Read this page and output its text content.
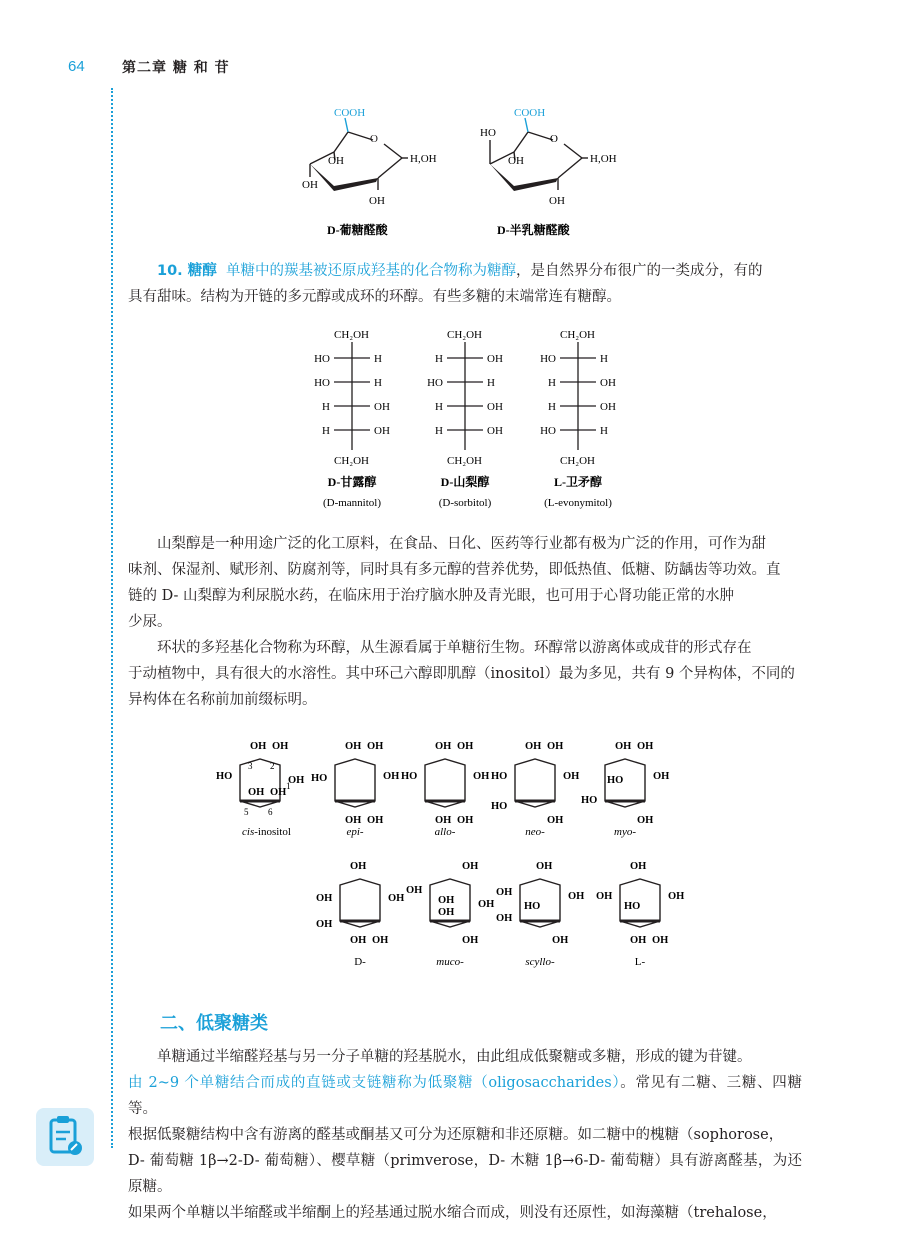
64	第二章 糖 和 苷
COOH
O
OH
OH
OH
H,OH
D-葡糖醛酸
COOH
O
HO
OH
OH
H,OH
D-半乳糖醛酸

10. 糖醇 单糖中的羰基被还原成羟基的化合物称为糖醇，是自然界分布很广的一类成分，有的

具有甜味。结构为开链的多元醇或成环的环醇。有些多糖的末端常连有糖醇。

CH₂OH
HO	H
HO	H
H	OH
H	OH
CH₂OH
D-甘露醇
(D-mannitol)
CH₂OH
H	OH
HO	H
H	OH
H	OH
CH₂OH
D-山梨醇
(D-sorbitol)
CH₂OH
HO	H
H	OH
H	OH
HO	H
CH₂OH
L-卫矛醇
(L-evonymitol)

山梨醇是一种用途广泛的化工原料，在食品、日化、医药等行业都有极为广泛的作用，可作为甜

味剂、保湿剂、赋形剂、防腐剂等，同时具有多元醇的营养优势，即低热值、低糖、防龋齿等功效。直

链的 D- 山梨醇为利尿脱水药，在临床用于治疗脑水肿及青光眼，也可用于心肾功能正常的水肿

少尿。

环状的多羟基化合物称为环醇，从生源看属于单糖衍生物。环醇常以游离体或成苷的形式存在

于动植物中，具有很大的水溶性。其中环己六醇即肌醇（inositol）最为多见，共有 9 个异构体，不同的

异构体在名称前加前缀标明。

OH OH
HO	OH
OH OH
cis-inositol
OH OH
HO	OH
OH OH
epi-
OH OH
HO	OH
OH OH
allo-
OH OH
HO	OH
HO
OH
neo-
OH OH
HO	OH
HO
OH
myo-
OH
OH	OH
OH
OH OH
D-
OH
OH
OH
OH
OH
OH
muco-
OH
OH	OH
HO
OH
OH
scyllo-
OH
OH	OH
HO
OH OH
L-
3 2
1
5 6
二、低聚糖类

单糖通过半缩醛羟基与另一分子单糖的羟基脱水，由此组成低聚糖或多糖，形成的键为苷键。

由 2~9 个单糖结合而成的直链或支链糖称为低聚糖（oligosaccharides）。常见有二糖、三糖、四糖等。

根据低聚糖结构中含有游离的醛基或酮基又可分为还原糖和非还原糖。如二糖中的槐糖（sophorose，

D- 葡萄糖 1β→2-D- 葡萄糖）、樱草糖（primverose，D- 木糖 1β→6-D- 葡萄糖）具有游离醛基，为还原糖。

如果两个单糖以半缩醛或半缩酮上的羟基通过脱水缩合而成，则没有还原性，如海藻糖（trehalose，
